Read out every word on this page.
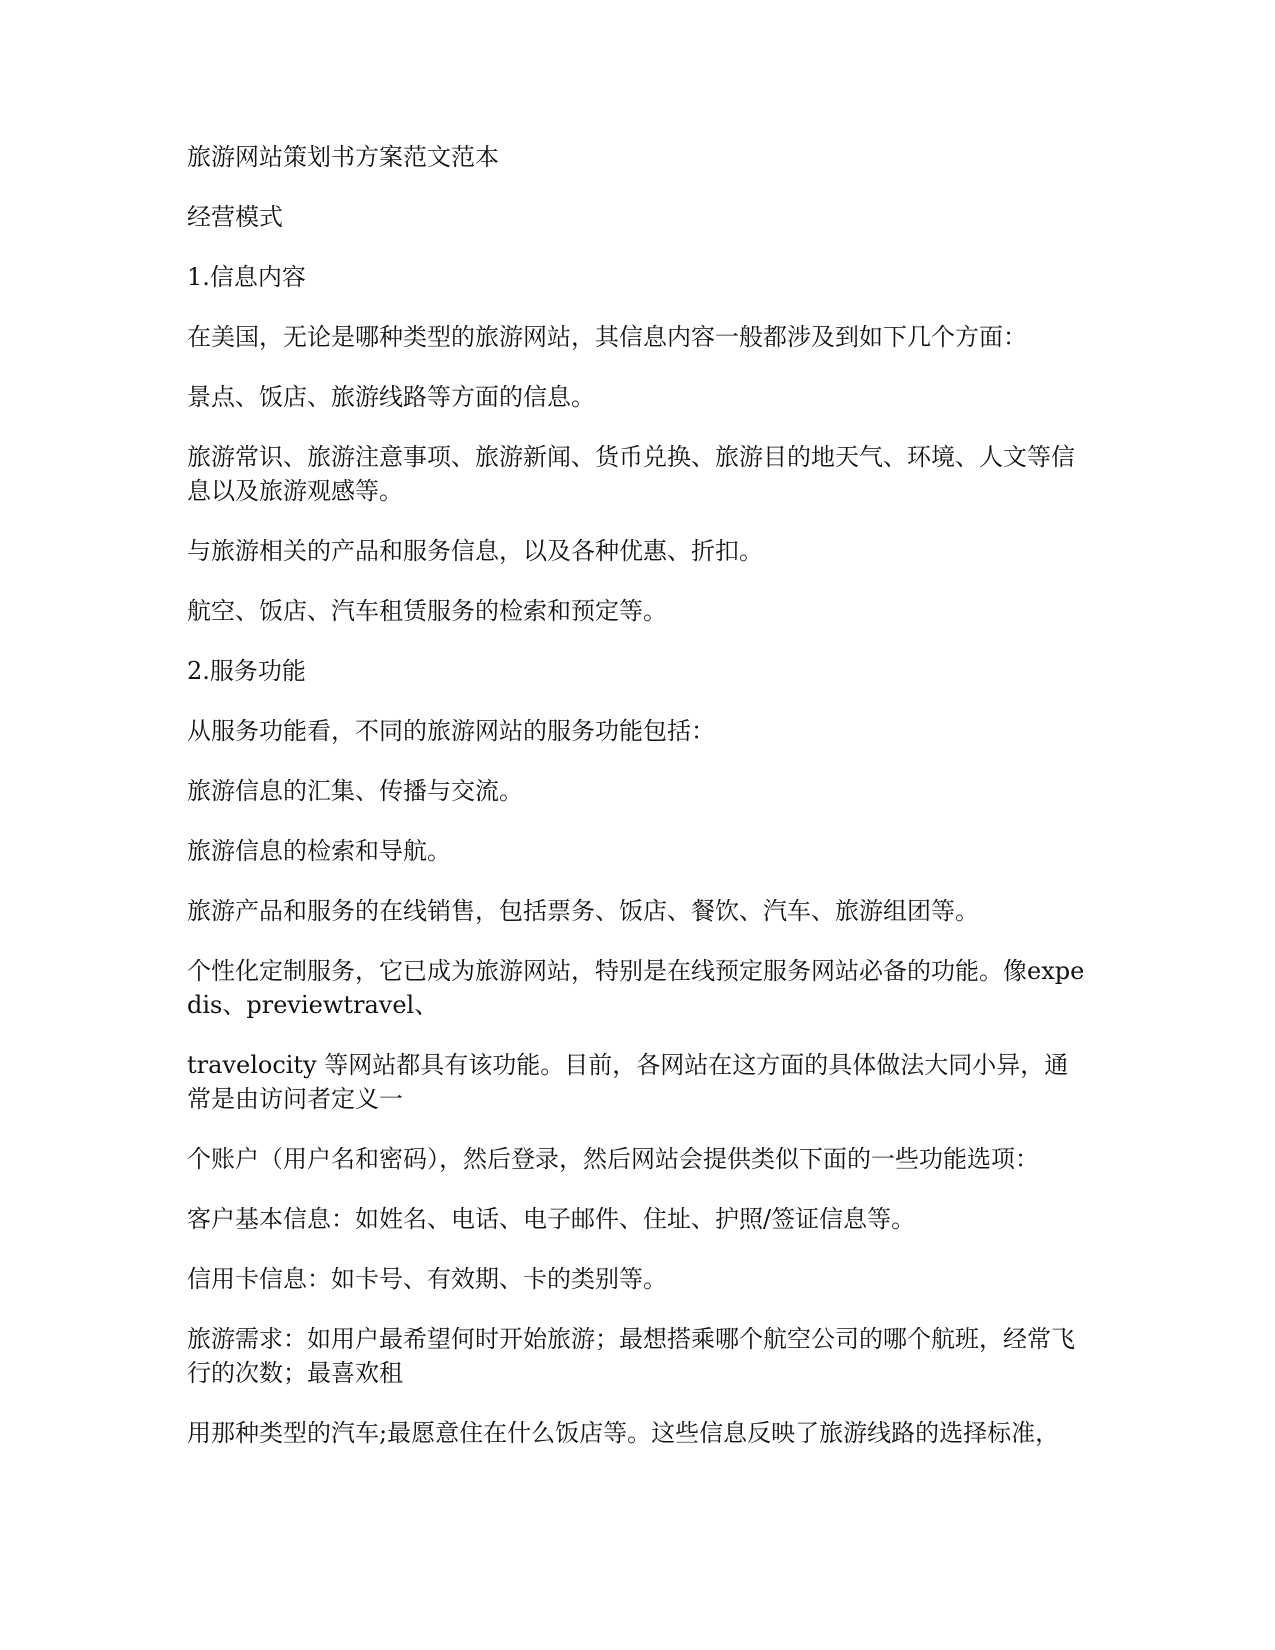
旅游网站策划书方案范文范本

经营模式

1.信息内容

在美国，无论是哪种类型的旅游网站，其信息内容一般都涉及到如下几个方面：

景点、饭店、旅游线路等方面的信息。

旅游常识、旅游注意事项、旅游新闻、货币兑换、旅游目的地天气、环境、人文等信息以及旅游观感等。

与旅游相关的产品和服务信息，以及各种优惠、折扣。

航空、饭店、汽车租赁服务的检索和预定等。

2.服务功能

从服务功能看，不同的旅游网站的服务功能包括：

旅游信息的汇集、传播与交流。

旅游信息的检索和导航。

旅游产品和服务的在线销售，包括票务、饭店、餐饮、汽车、旅游组团等。

个性化定制服务，它已成为旅游网站，特别是在线预定服务网站必备的功能。像expedis、previewtravel、

travelocity 等网站都具有该功能。目前，各网站在这方面的具体做法大同小异，通常是由访问者定义一

个账户（用户名和密码），然后登录，然后网站会提供类似下面的一些功能选项：

客户基本信息：如姓名、电话、电子邮件、住址、护照/签证信息等。

信用卡信息：如卡号、有效期、卡的类别等。

旅游需求：如用户最希望何时开始旅游；最想搭乘哪个航空公司的哪个航班，经常飞行的次数；最喜欢租

用那种类型的汽车;最愿意住在什么饭店等。这些信息反映了旅游线路的选择标准，
